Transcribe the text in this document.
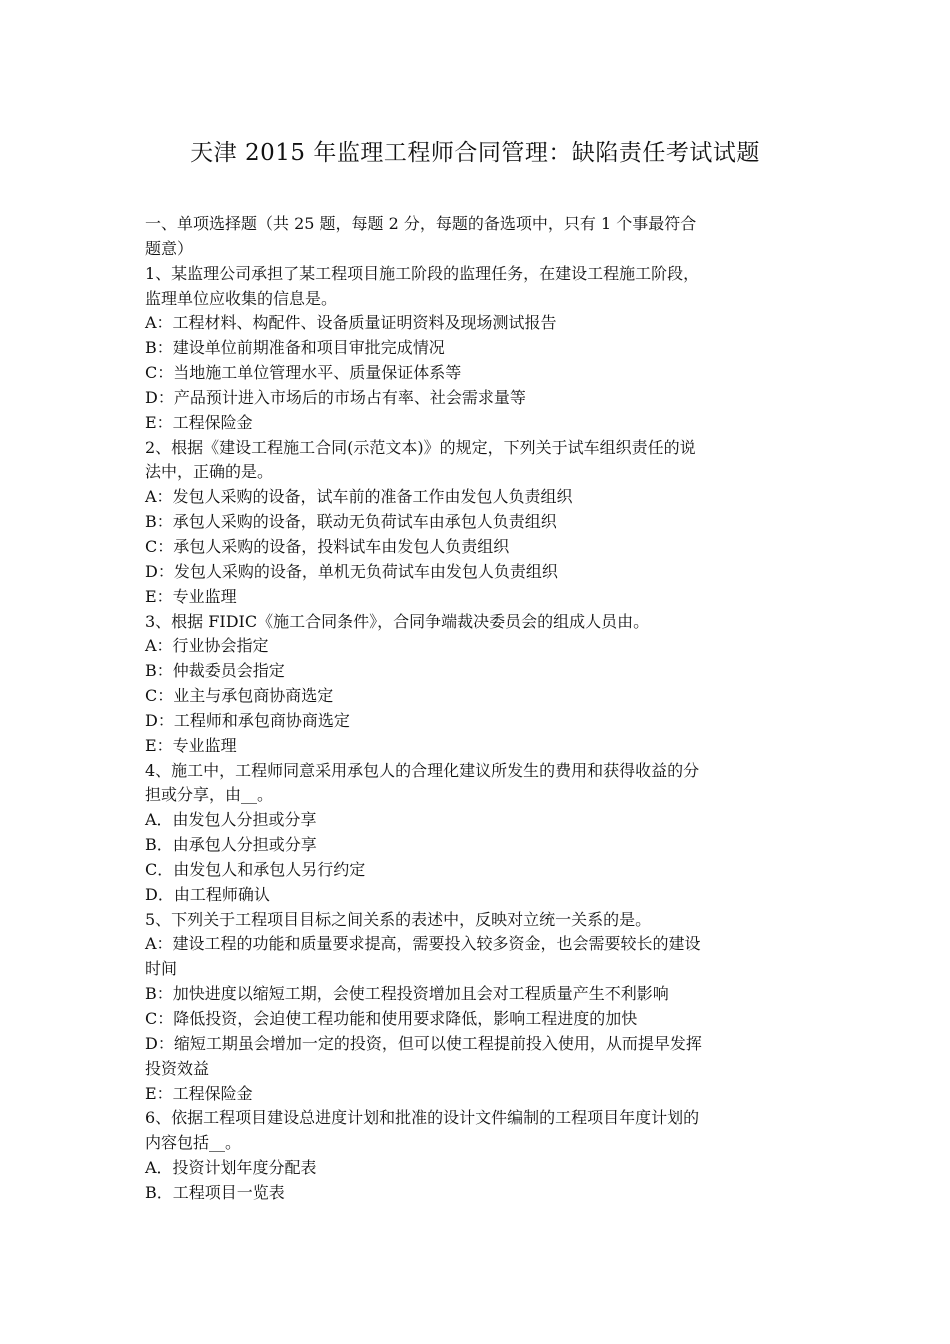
天津 2015 年监理工程师合同管理：缺陷责任考试试题
一、单项选择题（共 25 题，每题 2 分，每题的备选项中，只有 1 个事最符合
题意）
1、某监理公司承担了某工程项目施工阶段的监理任务，在建设工程施工阶段，
监理单位应收集的信息是。
A：工程材料、构配件、设备质量证明资料及现场测试报告
B：建设单位前期准备和项目审批完成情况
C：当地施工单位管理水平、质量保证体系等
D：产品预计进入市场后的市场占有率、社会需求量等
E：工程保险金
2、根据《建设工程施工合同(示范文本)》的规定，下列关于试车组织责任的说
法中，正确的是。
A：发包人采购的设备，试车前的准备工作由发包人负责组织
B：承包人采购的设备，联动无负荷试车由承包人负责组织
C：承包人采购的设备，投料试车由发包人负责组织
D：发包人采购的设备，单机无负荷试车由发包人负责组织
E：专业监理
3、根据 FIDIC《施工合同条件》，合同争端裁决委员会的组成人员由。
A：行业协会指定
B：仲裁委员会指定
C：业主与承包商协商选定
D：工程师和承包商协商选定
E：专业监理
4、施工中，工程师同意采用承包人的合理化建议所发生的费用和获得收益的分
担或分享，由__。
A．由发包人分担或分享
B．由承包人分担或分享
C．由发包人和承包人另行约定
D．由工程师确认
5、下列关于工程项目目标之间关系的表述中，反映对立统一关系的是。
A：建设工程的功能和质量要求提高，需要投入较多资金，也会需要较长的建设
时间
B：加快进度以缩短工期，会使工程投资增加且会对工程质量产生不利影响
C：降低投资，会迫使工程功能和使用要求降低，影响工程进度的加快
D：缩短工期虽会增加一定的投资，但可以使工程提前投入使用，从而提早发挥
投资效益
E：工程保险金
6、依据工程项目建设总进度计划和批准的设计文件编制的工程项目年度计划的
内容包括__。
A．投资计划年度分配表
B．工程项目一览表
